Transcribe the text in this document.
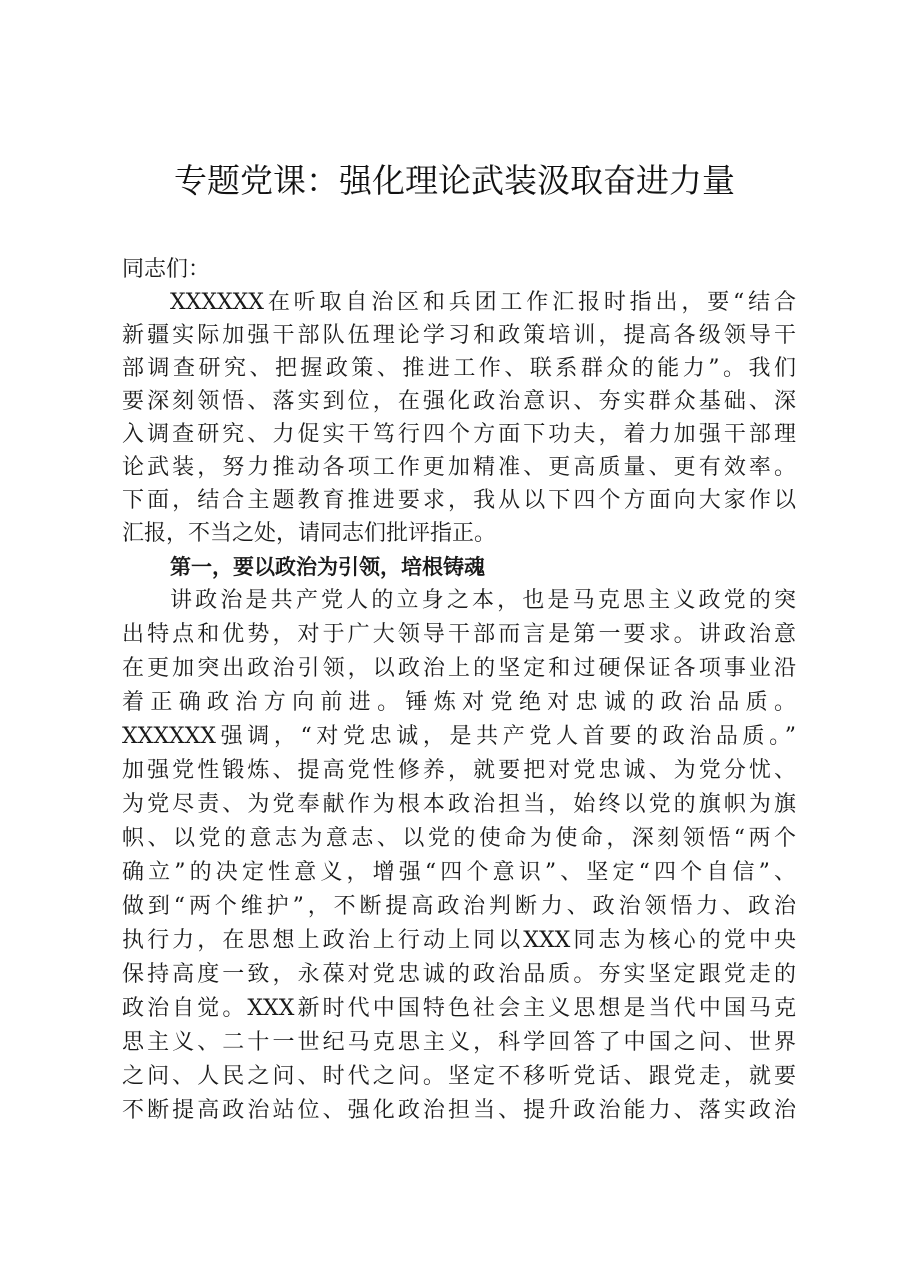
专题党课：强化理论武装汲取奋进力量
同志们：
XXXXXX在听取自治区和兵团工作汇报时指出，要“结合
新疆实际加强干部队伍理论学习和政策培训，提高各级领导干
部调查研究、把握政策、推进工作、联系群众的能力”。我们
要深刻领悟、落实到位，在强化政治意识、夯实群众基础、深
入调查研究、力促实干笃行四个方面下功夫，着力加强干部理
论武装，努力推动各项工作更加精准、更高质量、更有效率。
下面，结合主题教育推进要求，我从以下四个方面向大家作以
汇报，不当之处，请同志们批评指正。
第一，要以政治为引领，培根铸魂
讲政治是共产党人的立身之本，也是马克思主义政党的突
出特点和优势，对于广大领导干部而言是第一要求。讲政治意
在更加突出政治引领，以政治上的坚定和过硬保证各项事业沿
着正确政治方向前进。锤炼对党绝对忠诚的政治品质。
XXXXXX强调，“对党忠诚，是共产党人首要的政治品质。”
加强党性锻炼、提高党性修养，就要把对党忠诚、为党分忧、
为党尽责、为党奉献作为根本政治担当，始终以党的旗帜为旗
帜、以党的意志为意志、以党的使命为使命，深刻领悟“两个
确立”的决定性意义，增强“四个意识”、坚定“四个自信”、
做到“两个维护”，不断提高政治判断力、政治领悟力、政治
执行力，在思想上政治上行动上同以XXX同志为核心的党中央
保持高度一致，永葆对党忠诚的政治品质。夯实坚定跟党走的
政治自觉。XXX新时代中国特色社会主义思想是当代中国马克
思主义、二十一世纪马克思主义，科学回答了中国之问、世界
之问、人民之问、时代之问。坚定不移听党话、跟党走，就要
不断提高政治站位、强化政治担当、提升政治能力、落实政治
